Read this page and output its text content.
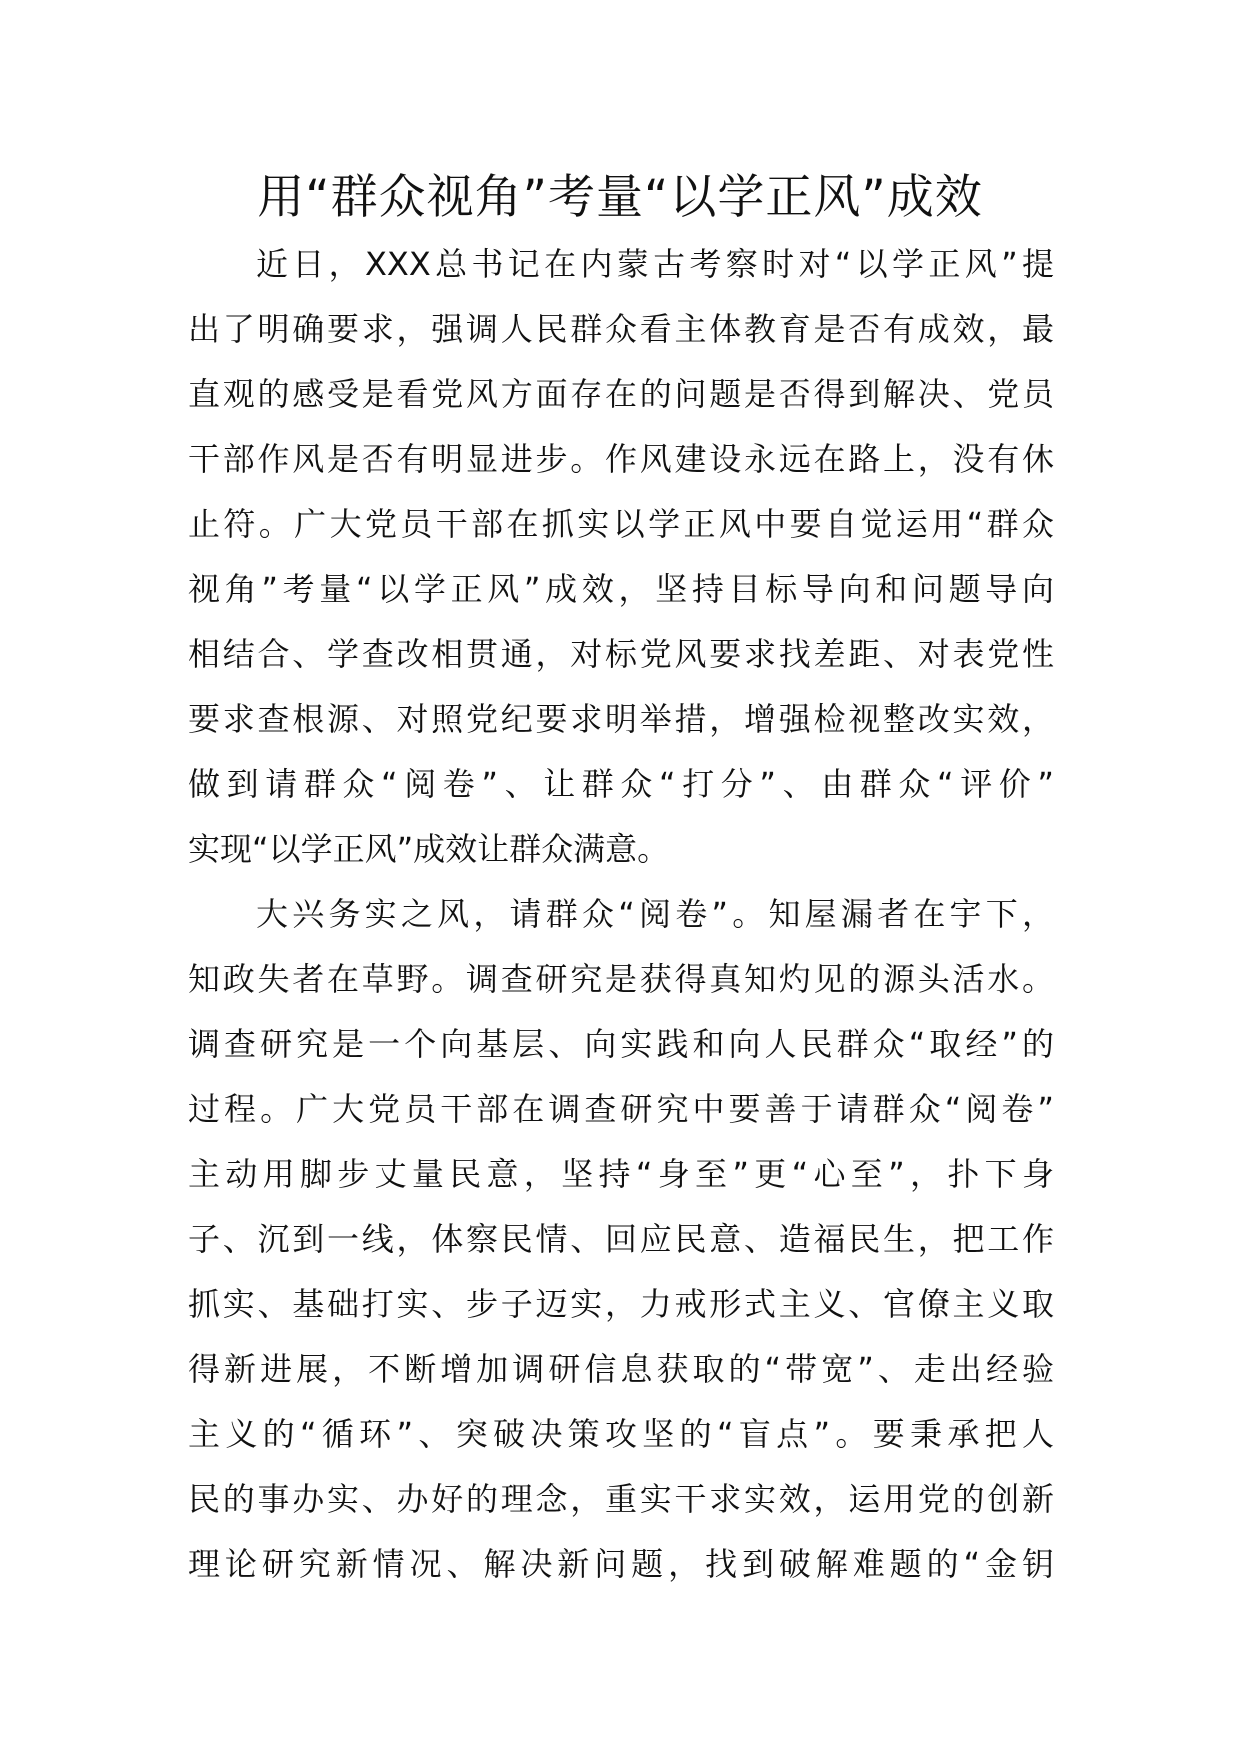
用“群众视角”考量“以学正风”成效
近日，XXX总书记在内蒙古考察时对“以学正风”提
出了明确要求，强调人民群众看主体教育是否有成效，最
直观的感受是看党风方面存在的问题是否得到解决、党员
干部作风是否有明显进步。作风建设永远在路上，没有休
止符。广大党员干部在抓实以学正风中要自觉运用“群众
视角”考量“以学正风”成效，坚持目标导向和问题导向
相结合、学查改相贯通，对标党风要求找差距、对表党性
要求查根源、对照党纪要求明举措，增强检视整改实效，
做到请群众“阅卷”、让群众“打分”、由群众“评价”
实现“以学正风”成效让群众满意。
大兴务实之风，请群众“阅卷”。知屋漏者在宇下，
知政失者在草野。调查研究是获得真知灼见的源头活水。
调查研究是一个向基层、向实践和向人民群众“取经”的
过程。广大党员干部在调查研究中要善于请群众“阅卷”
主动用脚步丈量民意，坚持“身至”更“心至”，扑下身
子、沉到一线，体察民情、回应民意、造福民生，把工作
抓实、基础打实、步子迈实，力戒形式主义、官僚主义取
得新进展，不断增加调研信息获取的“带宽”、走出经验
主义的“循环”、突破决策攻坚的“盲点”。要秉承把人
民的事办实、办好的理念，重实干求实效，运用党的创新
理论研究新情况、解决新问题，找到破解难题的“金钥
